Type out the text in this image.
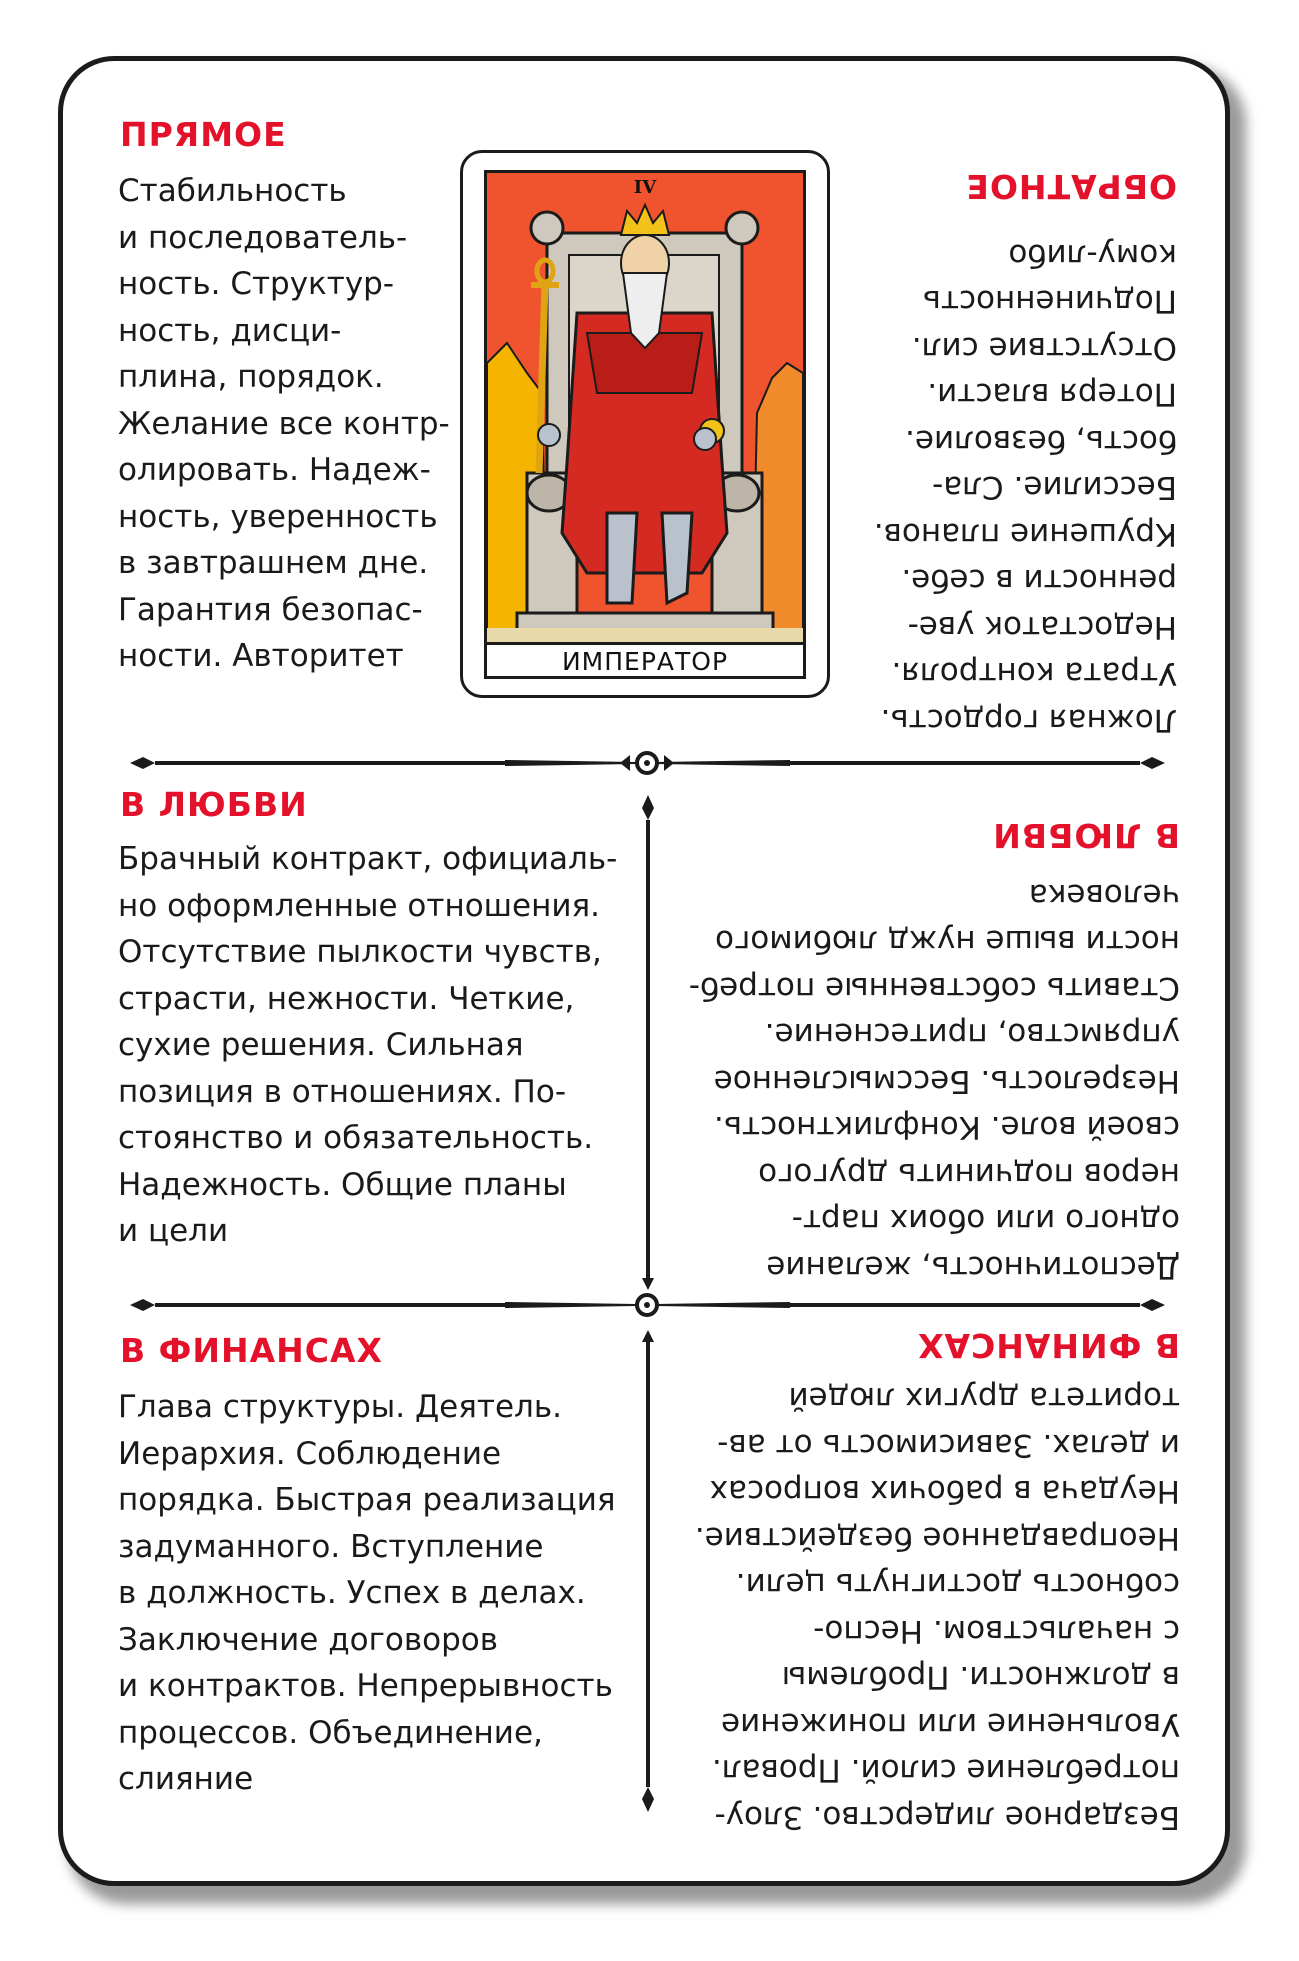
ПРЯМОЕ
Стабильность
и последователь-
ность. Структур-
ность, дисци-
плина, порядок.
Желание все контр-
олировать. Надеж-
ность, уверенность
в завтрашнем дне.
Гарантия безопас-
ности. Авторитет
IV
ИМПЕРАТОР
ОБРАТНОЕ
Ложная гордость.
Утрата контроля.
Недостаток уве-
ренности в себе.
Крушение планов.
Бессилие. Сла-
бость, безволие.
Потеря власти.
Отсутствие сил.
Подчиненность
кому-либо
В ЛЮБВИ
Брачный контракт, официаль-
но оформленные отношения.
Отсутствие пылкости чувств,
страсти, нежности. Четкие,
сухие решения. Сильная
позиция в отношениях. По-
стоянство и обязательность.
Надежность. Общие планы
и цели
В ЛЮБВИ
Деспотичность, желание
одного или обоих парт-
неров подчинить другого
своей воле. Конфликтность.
Незрелость. Бессмысленное
упрямство, притеснение.
Ставить собственные потреб-
ности выше нужд любимого
человека
В ФИНАНСАХ
Глава структуры. Деятель.
Иерархия. Соблюдение
порядка. Быстрая реализация
задуманного. Вступление
в должность. Успех в делах.
Заключение договоров
и контрактов. Непрерывность
процессов. Объединение,
слияние
В ФИНАНСАХ
Бездарное лидерство. Злоу-
потребление силой. Провал.
Увольнение или понижение
в должности. Проблемы
с начальством. Неспо-
собность достигнуть цели.
Неоправданное бездействие.
Неудача в рабочих вопросах
и делах. Зависимость от ав-
торитета других людей
